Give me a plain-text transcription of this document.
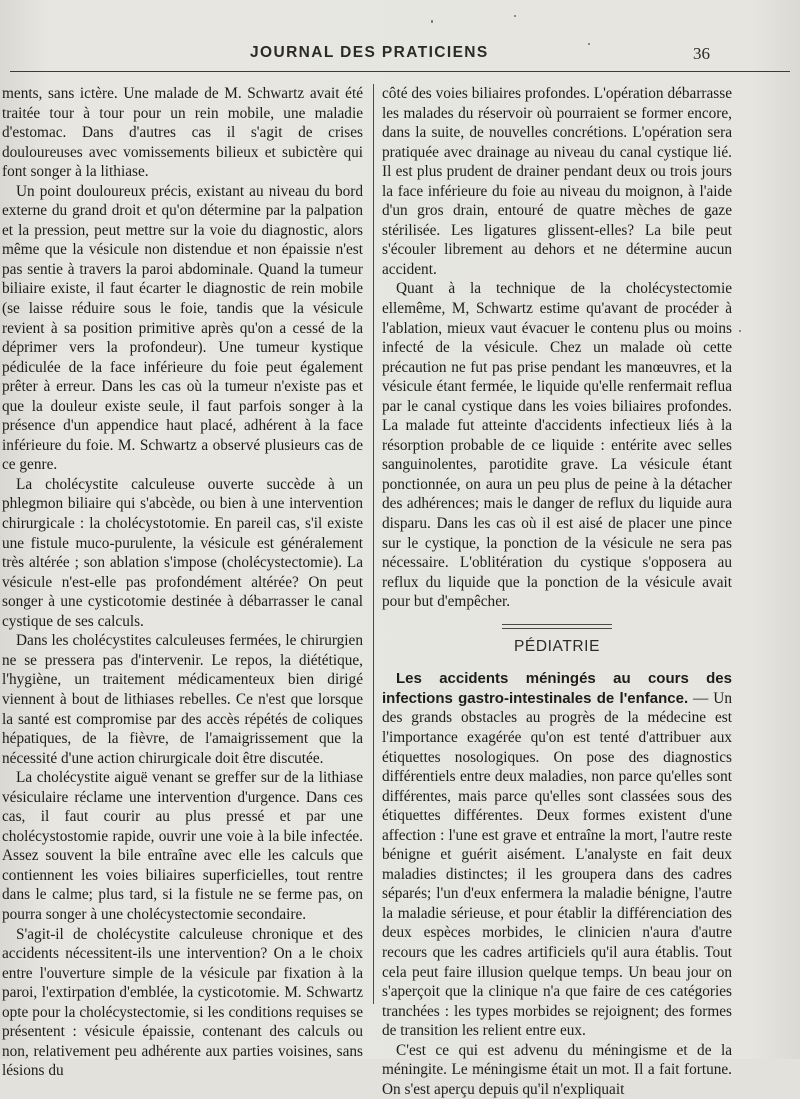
JOURNAL DES PRATICIENS	36

ments, sans ictère. Une malade de M. Schwartz avait été traitée tour à tour pour un rein mobile, une maladie d'estomac. Dans d'autres cas il s'agit de crises douloureuses avec vomissements bilieux et subictère qui font songer à la lithiase.

Un point douloureux précis, existant au niveau du bord externe du grand droit et qu'on détermine par la palpation et la pression, peut mettre sur la voie du diagnostic, alors même que la vésicule non distendue et non épaissie n'est pas sentie à travers la paroi abdominale. Quand la tumeur biliaire existe, il faut écarter le diagnostic de rein mobile (se laisse réduire sous le foie, tandis que la vésicule revient à sa position primitive après qu'on a cessé de la déprimer vers la profondeur). Une tumeur kystique pédiculée de la face inférieure du foie peut également prêter à erreur. Dans les cas où la tumeur n'existe pas et que la douleur existe seule, il faut parfois songer à la présence d'un appendice haut placé, adhérent à la face inférieure du foie. M. Schwartz a observé plusieurs cas de ce genre.

La cholécystite calculeuse ouverte succède à un phlegmon biliaire qui s'abcède, ou bien à une intervention chirurgicale : la cholécystotomie. En pareil cas, s'il existe une fistule muco-purulente, la vésicule est généralement très altérée ; son ablation s'impose (cholécystectomie). La vésicule n'est-elle pas profondément altérée? On peut songer à une cysticotomie destinée à débarrasser le canal cystique de ses calculs.

Dans les cholécystites calculeuses fermées, le chirurgien ne se pressera pas d'intervenir. Le repos, la diététique, l'hygiène, un traitement médicamenteux bien dirigé viennent à bout de lithiases rebelles. Ce n'est que lorsque la santé est compromise par des accès répétés de coliques hépatiques, de la fièvre, de l'amaigrissement que la nécessité d'une action chirurgicale doit être discutée.

La cholécystite aiguë venant se greffer sur de la lithiase vésiculaire réclame une intervention d'urgence. Dans ces cas, il faut courir au plus pressé et par une cholécystostomie rapide, ouvrir une voie à la bile infectée. Assez souvent la bile entraîne avec elle les calculs que contiennent les voies biliaires superficielles, tout rentre dans le calme; plus tard, si la fistule ne se ferme pas, on pourra songer à une cholécystectomie secondaire.

S'agit-il de cholécystite calculeuse chronique et des accidents nécessitent-ils une intervention? On a le choix entre l'ouverture simple de la vésicule par fixation à la paroi, l'extirpation d'emblée, la cysticotomie. M. Schwartz opte pour la cholécystectomie, si les conditions requises se présentent : vésicule épaissie, contenant des calculs ou non, relativement peu adhérente aux parties voisines, sans lésions du

côté des voies biliaires profondes. L'opération débarrasse les malades du réservoir où pourraient se former encore, dans la suite, de nouvelles concrétions. L'opération sera pratiquée avec drainage au niveau du canal cystique lié. Il est plus prudent de drainer pendant deux ou trois jours la face inférieure du foie au niveau du moignon, à l'aide d'un gros drain, entouré de quatre mèches de gaze stérilisée. Les ligatures glissent-elles? La bile peut s'écouler librement au dehors et ne détermine aucun accident.

Quant à la technique de la cholécystectomie ellemême, M, Schwartz estime qu'avant de procéder à l'ablation, mieux vaut évacuer le contenu plus ou moins infecté de la vésicule. Chez un malade où cette précaution ne fut pas prise pendant les manœuvres, et la vésicule étant fermée, le liquide qu'elle renfermait reflua par le canal cystique dans les voies biliaires profondes. La malade fut atteinte d'accidents infectieux liés à la résorption probable de ce liquide : entérite avec selles sanguinolentes, parotidite grave. La vésicule étant ponctionnée, on aura un peu plus de peine à la détacher des adhérences; mais le danger de reflux du liquide aura disparu. Dans les cas où il est aisé de placer une pince sur le cystique, la ponction de la vésicule ne sera pas nécessaire. L'oblitération du cystique s'opposera au reflux du liquide que la ponction de la vésicule avait pour but d'empêcher.

PÉDIATRIE

Les accidents méningés au cours des infections gastro-intestinales de l'enfance. — Un des grands obstacles au progrès de la médecine est l'importance exagérée qu'on est tenté d'attribuer aux étiquettes nosologiques. On pose des diagnostics différentiels entre deux maladies, non parce qu'elles sont différentes, mais parce qu'elles sont classées sous des étiquettes différentes. Deux formes existent d'une affection : l'une est grave et entraîne la mort, l'autre reste bénigne et guérit aisément. L'analyste en fait deux maladies distinctes; il les groupera dans des cadres séparés; l'un d'eux enfermera la maladie bénigne, l'autre la maladie sérieuse, et pour établir la différenciation des deux espèces morbides, le clinicien n'aura d'autre recours que les cadres artificiels qu'il aura établis. Tout cela peut faire illusion quelque temps. Un beau jour on s'aperçoit que la clinique n'a que faire de ces catégories tranchées : les types morbides se rejoignent; des formes de transition les relient entre eux.

C'est ce qui est advenu du méningisme et de la méningite. Le méningisme était un mot. Il a fait fortune. On s'est aperçu depuis qu'il n'expliquait
